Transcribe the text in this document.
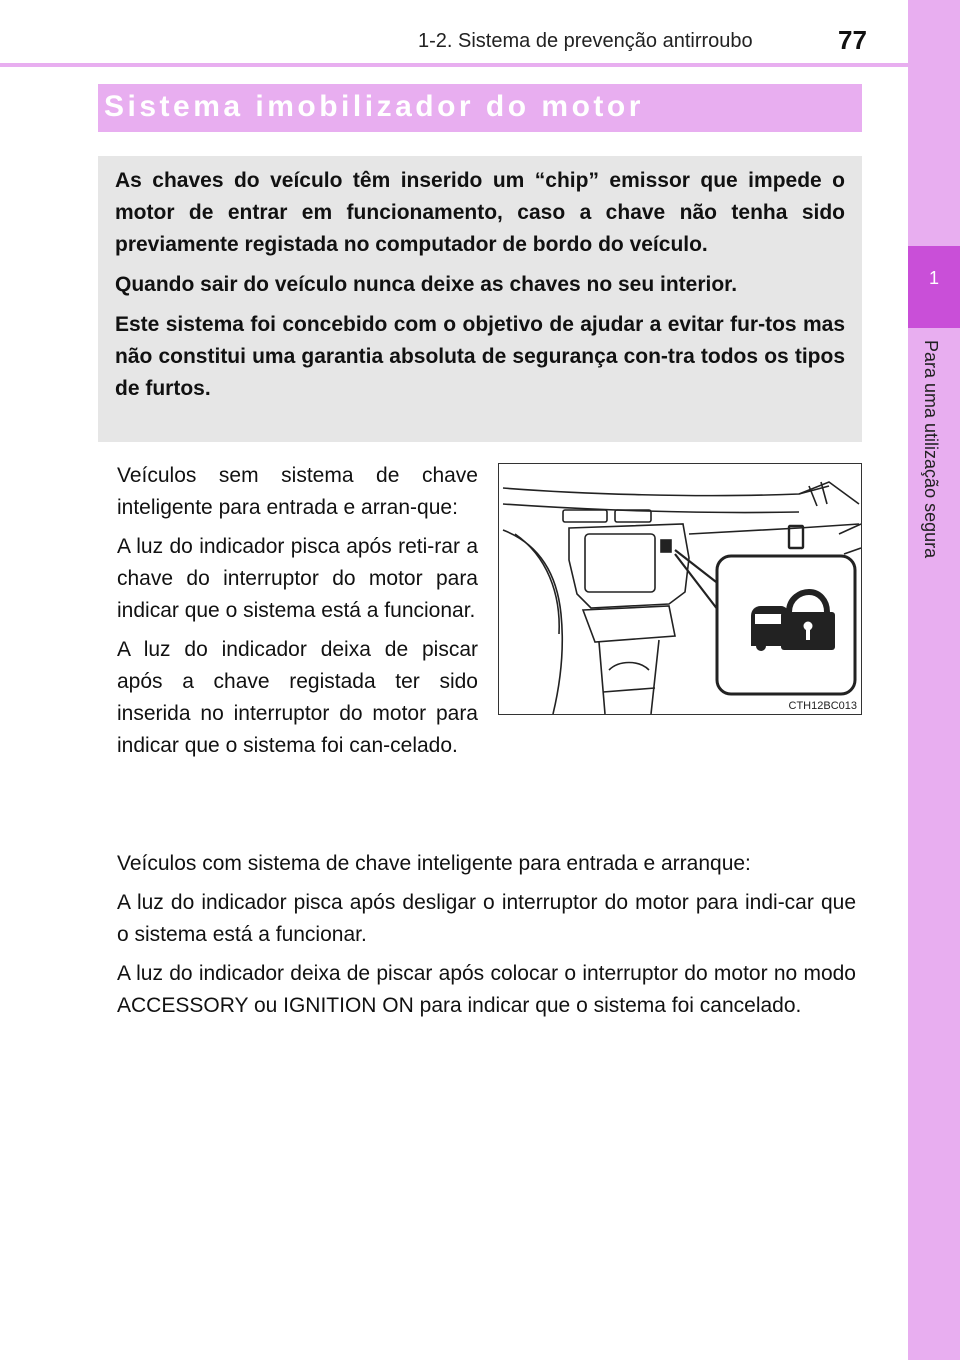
1-2. Sistema de prevenção antirroubo	77
1
Para uma utilização segura
Sistema imobilizador do motor

As chaves do veículo têm inserido um “chip” emissor que impede o motor de entrar em funcionamento, caso a chave não tenha sido previamente registada no computador de bordo do veículo.

Quando sair do veículo nunca deixe as chaves no seu interior.

Este sistema foi concebido com o objetivo de ajudar a evitar fur-tos mas não constitui uma garantia absoluta de segurança con-tra todos os tipos de furtos.

Veículos sem sistema de chave inteligente para entrada e arran-que:

A luz do indicador pisca após reti-rar a chave do interruptor do motor para indicar que o sistema está a funcionar.

A luz do indicador deixa de piscar após a chave registada ter sido inserida no interruptor do motor para indicar que o sistema foi can-celado.

CTH12BC013

Veículos com sistema de chave inteligente para entrada e arranque:

A luz do indicador pisca após desligar o interruptor do motor para indi-car que o sistema está a funcionar.

A luz do indicador deixa de piscar após colocar o interruptor do motor no modo ACCESSORY ou IGNITION ON para indicar que o sistema foi cancelado.
